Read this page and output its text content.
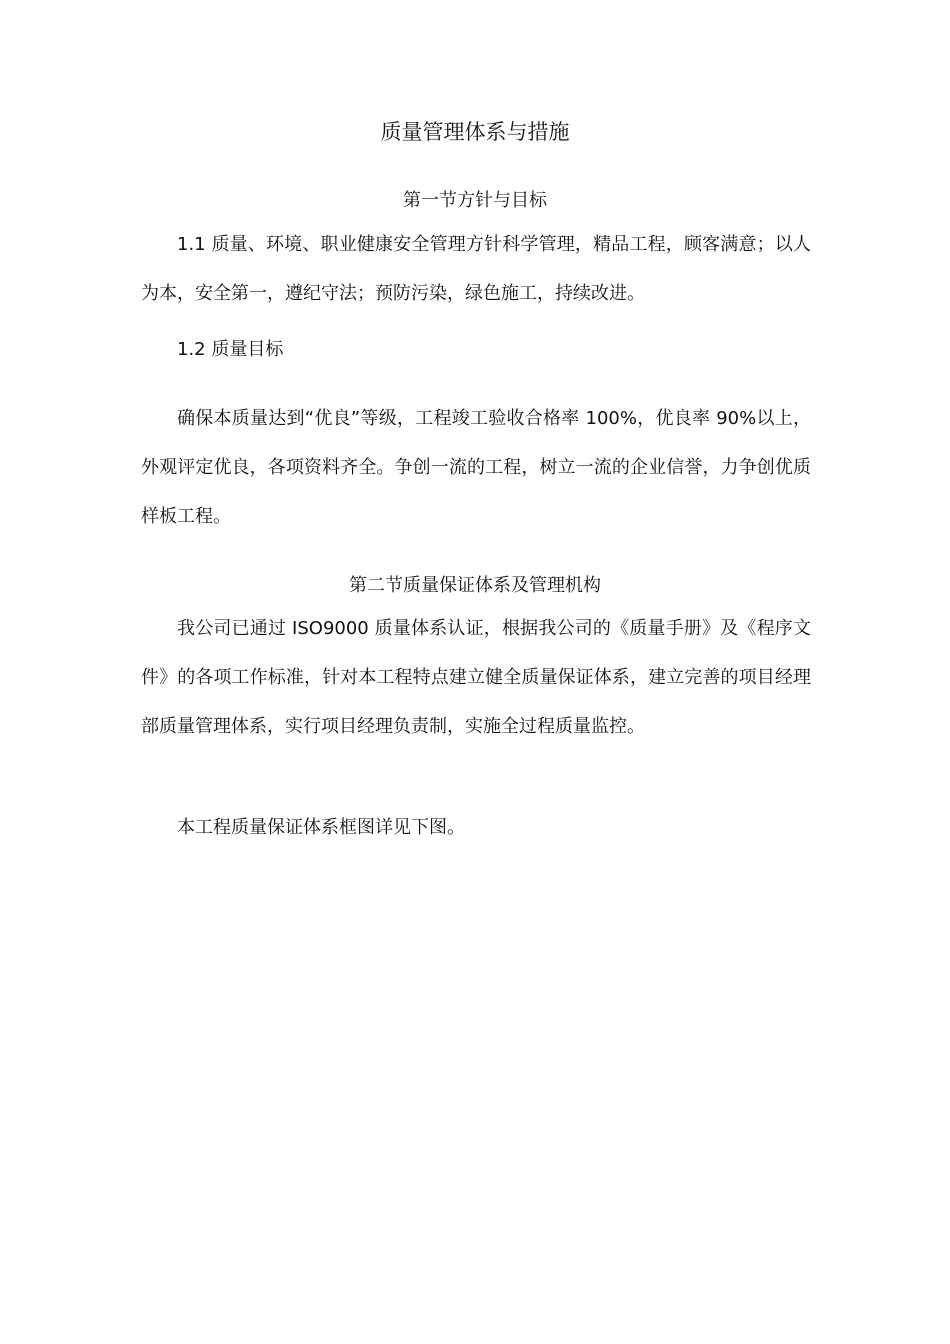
质量管理体系与措施
第一节方针与目标

1.1 质量、环境、职业健康安全管理方针科学管理，精品工程，顾客满意；以人为本，安全第一，遵纪守法；预防污染，绿色施工，持续改进。

1.2 质量目标

确保本质量达到“优良”等级，工程竣工验收合格率 100%，优良率 90%以上，外观评定优良，各项资料齐全。争创一流的工程，树立一流的企业信誉，力争创优质样板工程。

第二节质量保证体系及管理机构

我公司已通过 ISO9000 质量体系认证，根据我公司的《质量手册》及《程序文件》的各项工作标准，针对本工程特点建立健全质量保证体系，建立完善的项目经理部质量管理体系，实行项目经理负责制，实施全过程质量监控。

本工程质量保证体系框图详见下图。
